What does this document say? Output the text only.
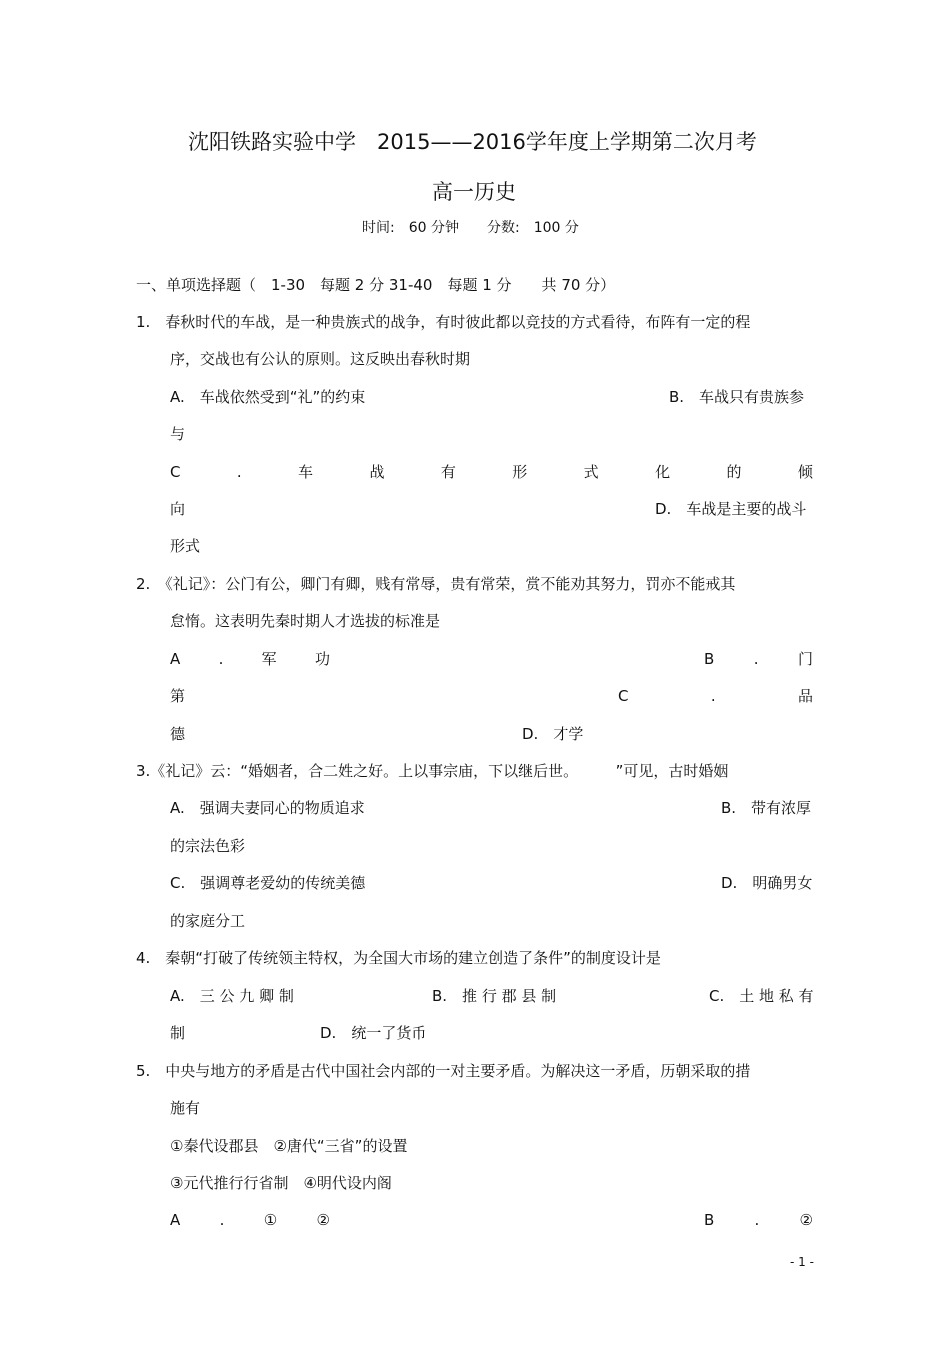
沈阳铁路实验中学　2015——2016学年度上学期第二次月考
高一历史
时间:　60 分钟　　分数:　100 分
一、单项选择题（　1-30　每题 2 分 31-40　每题 1 分　　共 70 分）
1.　春秋时代的车战，是一种贵族式的战争，有时彼此都以竞技的方式看待，布阵有一定的程
序，交战也有公认的原则。这反映出春秋时期
A.　车战依然受到“礼”的约束	B.　车战只有贵族参
与
C	.	车	战	有	形	式	化	的	倾
向	D.　车战是主要的战斗
形式
2.　《礼记》：公门有公，卿门有卿，贱有常辱，贵有常荣，赏不能劝其努力，罚亦不能戒其
怠惰。这表明先秦时期人才选拔的标准是
A	.	军	功	B	.	门
第	C	.	品
德	D.　才学
3.《礼记》云：“婚姻者，合二姓之好。上以事宗庙，下以继后世。　　　”可见，古时婚姻
A.　强调夫妻同心的物质追求	B.　带有浓厚
的宗法色彩
C.　强调尊老爱幼的传统美德	D.　明确男女
的家庭分工
4.　秦朝“打破了传统领主特权，为全国大市场的建立创造了条件”的制度设计是
A.　三 公 九 卿 制	B.　推 行 郡 县 制	C.　土 地 私 有
制	D.　统一了货币
5.　中央与地方的矛盾是古代中国社会内部的一对主要矛盾。为解决这一矛盾，历朝采取的措
施有
①秦代设郡县　②唐代“三省”的设置
③元代推行行省制　④明代设内阁
A	.	①	②	B	.	②
- 1 -
